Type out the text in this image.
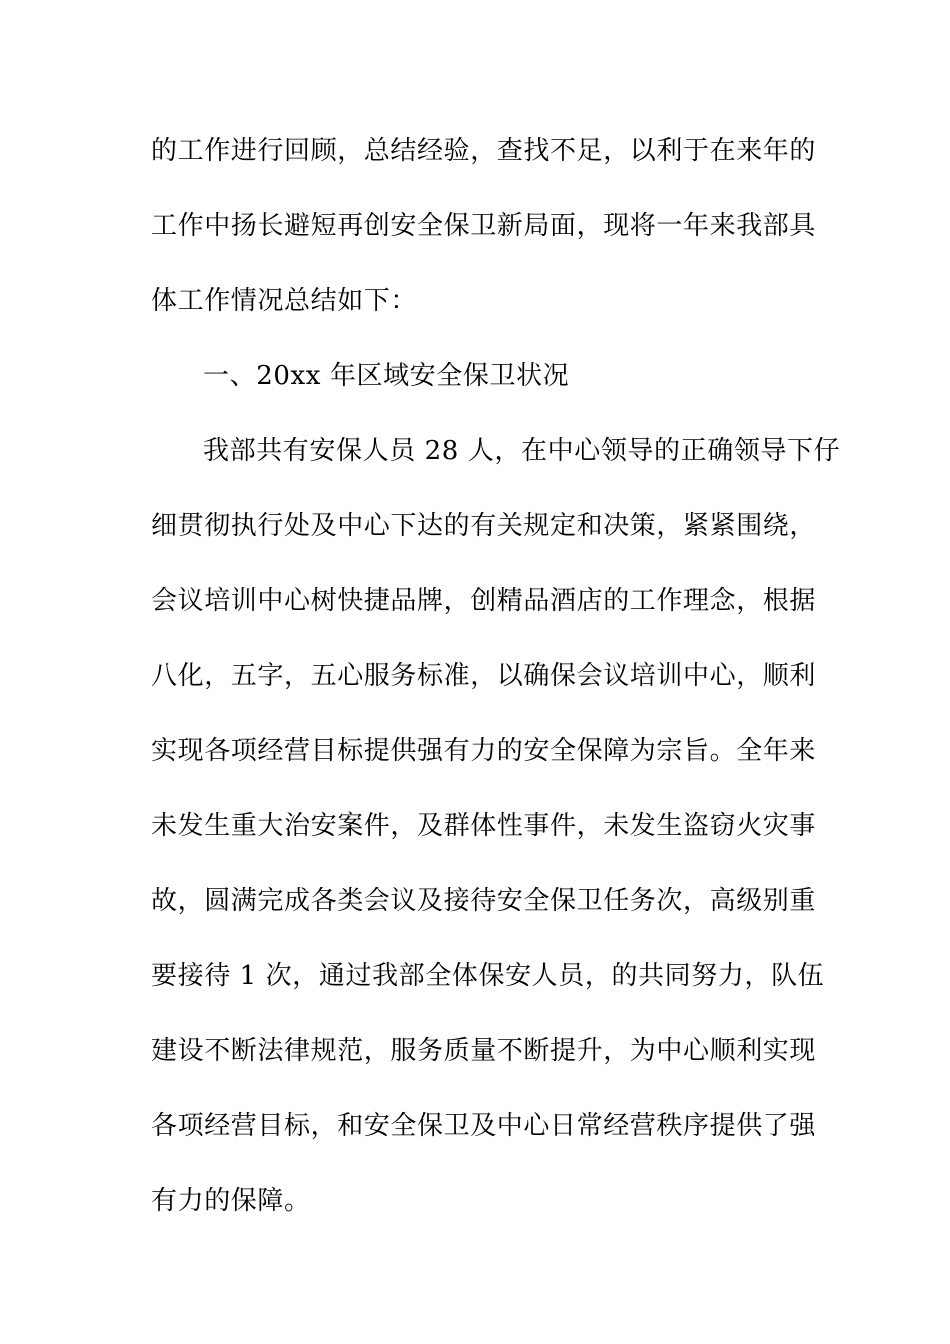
的工作进行回顾，总结经验，查找不足，以利于在来年的
工作中扬长避短再创安全保卫新局面，现将一年来我部具
体工作情况总结如下：
一、20xx 年区域安全保卫状况
我部共有安保人员 28 人，在中心领导的正确领导下仔
细贯彻执行处及中心下达的有关规定和决策，紧紧围绕，
会议培训中心树快捷品牌，创精品酒店的工作理念，根据
八化，五字，五心服务标准，以确保会议培训中心，顺利
实现各项经营目标提供强有力的安全保障为宗旨。全年来
未发生重大治安案件，及群体性事件，未发生盗窃火灾事
故，圆满完成各类会议及接待安全保卫任务次，高级别重
要接待 1 次，通过我部全体保安人员，的共同努力，队伍
建设不断法律规范，服务质量不断提升，为中心顺利实现
各项经营目标，和安全保卫及中心日常经营秩序提供了强
有力的保障。
